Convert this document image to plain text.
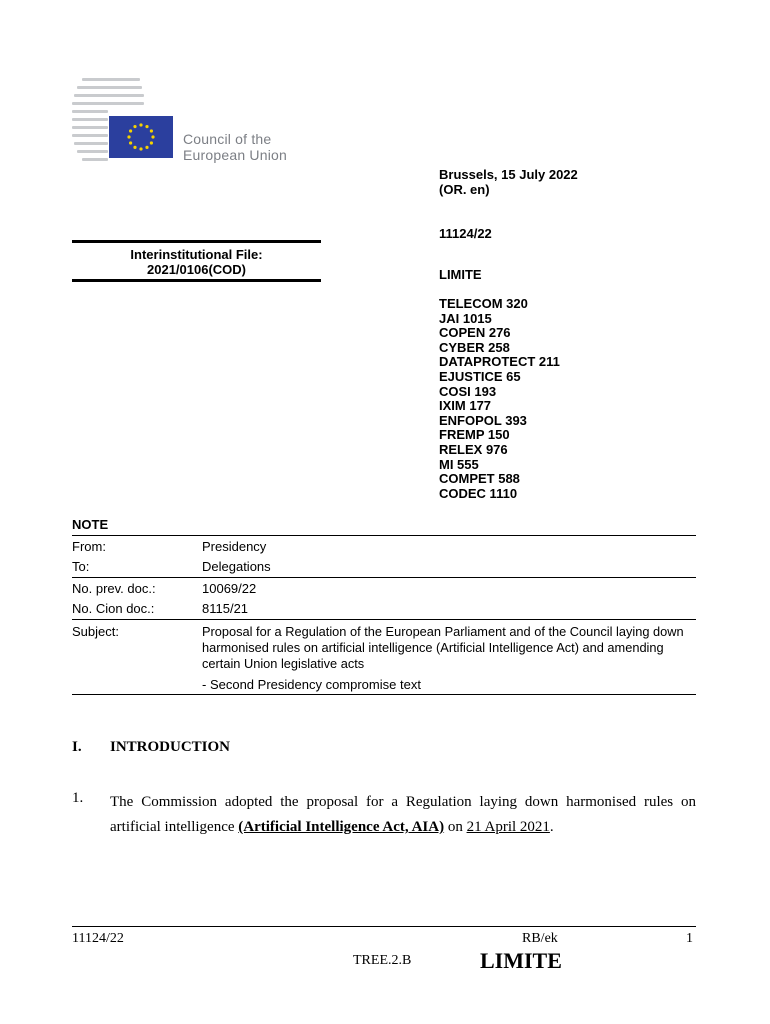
Council of the
European Union
Brussels, 15 July 2022
(OR. en)
11124/22
LIMITE
TELECOM 320
JAI 1015
COPEN 276
CYBER 258
DATAPROTECT 211
EJUSTICE 65
COSI 193
IXIM 177
ENFOPOL 393
FREMP 150
RELEX 976
MI 555
COMPET 588
CODEC 1110
Interinstitutional File:
2021/0106(COD)
NOTE
From:	Presidency
To:	Delegations
No. prev. doc.:	10069/22
No. Cion doc.:	8115/21
Subject:	Proposal for a Regulation of the European Parliament and of the Council laying down harmonised rules on artificial intelligence (Artificial Intelligence Act) and amending certain Union legislative acts
- Second Presidency compromise text
I. INTRODUCTION
1. The Commission adopted the proposal for a Regulation laying down harmonised rules on artificial intelligence (Artificial Intelligence Act, AIA) on 21 April 2021.
11124/22	RB/ek	1
TREE.2.B	LIMITE
